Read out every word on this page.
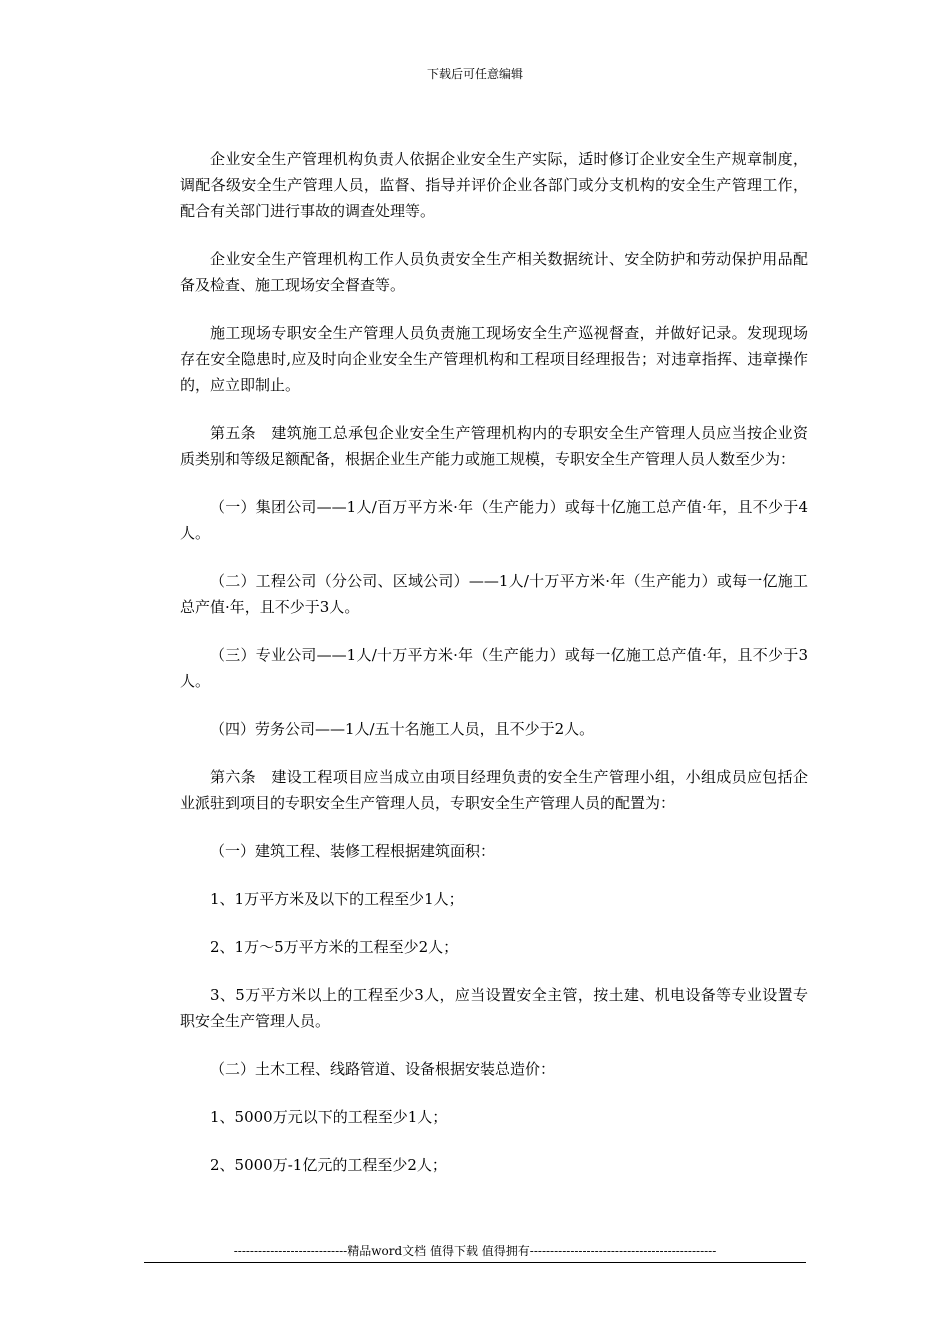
下载后可任意编辑

企业安全生产管理机构负责人依据企业安全生产实际，适时修订企业安全生产规章制度，调配各级安全生产管理人员，监督、指导并评价企业各部门或分支机构的安全生产管理工作，配合有关部门进行事故的调查处理等。

企业安全生产管理机构工作人员负责安全生产相关数据统计、安全防护和劳动保护用品配备及检查、施工现场安全督查等。

施工现场专职安全生产管理人员负责施工现场安全生产巡视督查，并做好记录。发现现场存在安全隐患时,应及时向企业安全生产管理机构和工程项目经理报告；对违章指挥、违章操作的，应立即制止。

第五条　建筑施工总承包企业安全生产管理机构内的专职安全生产管理人员应当按企业资质类别和等级足额配备，根据企业生产能力或施工规模，专职安全生产管理人员人数至少为：

（一）集团公司——1人/百万平方米·年（生产能力）或每十亿施工总产值·年，且不少于4人。

（二）工程公司（分公司、区域公司）——1人/十万平方米·年（生产能力）或每一亿施工总产值·年，且不少于3人。

（三）专业公司——1人/十万平方米·年（生产能力）或每一亿施工总产值·年，且不少于3人。

（四）劳务公司——1人/五十名施工人员，且不少于2人。

第六条　建设工程项目应当成立由项目经理负责的安全生产管理小组，小组成员应包括企业派驻到项目的专职安全生产管理人员，专职安全生产管理人员的配置为：

（一）建筑工程、装修工程根据建筑面积：

1、1万平方米及以下的工程至少1人；

2、1万～5万平方米的工程至少2人；

3、5万平方米以上的工程至少3人，应当设置安全主管，按土建、机电设备等专业设置专职安全生产管理人员。

（二）土木工程、线路管道、设备根据安装总造价：

1、5000万元以下的工程至少1人；

2、5000万-1亿元的工程至少2人；

----------------------------精品word文档 值得下载 值得拥有----------------------------------------------
